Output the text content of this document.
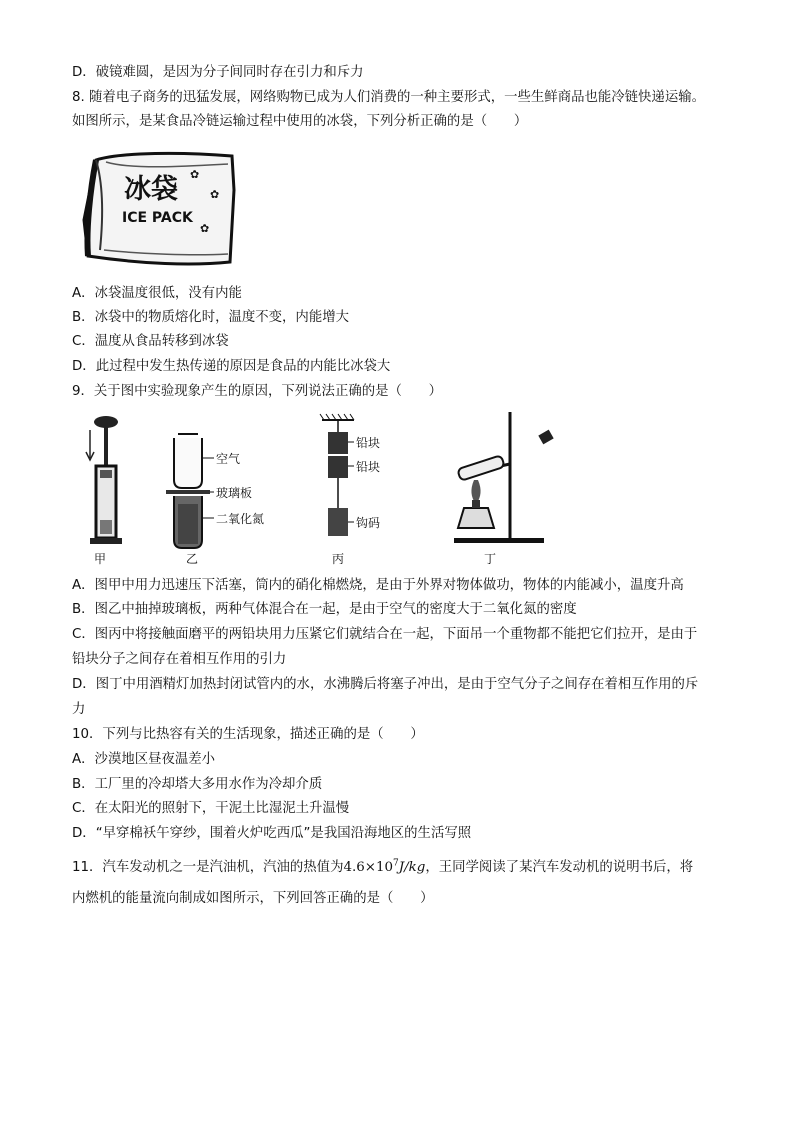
D．破镜难圆，是因为分子间同时存在引力和斥力
8. 随着电子商务的迅猛发展，网络购物已成为人们消费的一种主要形式，一些生鲜商品也能冷链快递运输。
如图所示，是某食品冷链运输过程中使用的冰袋，下列分析正确的是（　　）
冰袋
ICE PACK
✿
✿
✿
A．冰袋温度很低，没有内能
B．冰袋中的物质熔化时，温度不变，内能增大
C．温度从食品转移到冰袋
D．此过程中发生热传递的原因是食品的内能比冰袋大
9．关于图中实验现象产生的原因，下列说法正确的是（　　）
甲
空气
玻璃板
二氧化氮
乙
铅块
铅块
钩码
丙	丁
A．图甲中用力迅速压下活塞，筒内的硝化棉燃烧，是由于外界对物体做功，物体的内能减小，温度升高
B．图乙中抽掉玻璃板，两种气体混合在一起，是由于空气的密度大于二氧化氮的密度
C．图丙中将接触面磨平的两铅块用力压紧它们就结合在一起，下面吊一个重物都不能把它们拉开，是由于
铅块分子之间存在着相互作用的引力
D．图丁中用酒精灯加热封闭试管内的水，水沸腾后将塞子冲出，是由于空气分子之间存在着相互作用的斥
力
10．下列与比热容有关的生活现象，描述正确的是（　　）
A．沙漠地区昼夜温差小
B．工厂里的冷却塔大多用水作为冷却介质
C．在太阳光的照射下，干泥土比湿泥土升温慢
D．“早穿棉袄午穿纱，围着火炉吃西瓜”是我国沿海地区的生活写照
11．汽车发动机之一是汽油机，汽油的热值为$4.6\times 10^7J/kg$，王同学阅读了某汽车发动机的说明书后，将
内燃机的能量流向制成如图所示，下列回答正确的是（　　）
